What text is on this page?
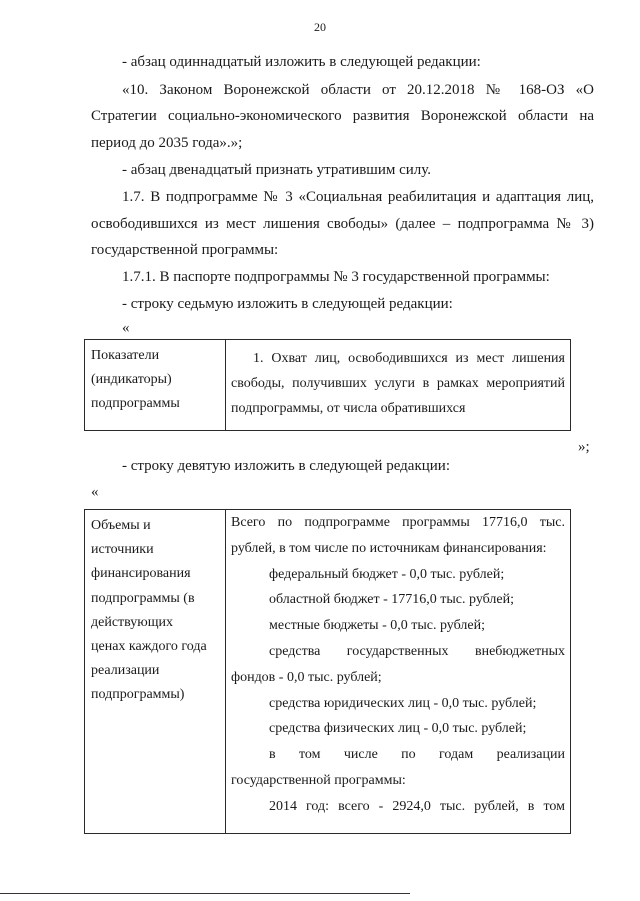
20
- абзац одиннадцатый изложить в следующей редакции:
«10. Законом Воронежской области от 20.12.2018 № 168-ОЗ «О
Стратегии социально-экономического развития Воронежской области на
период до 2035 года».»;
- абзац двенадцатый признать утратившим силу.
1.7. В подпрограмме № 3 «Социальная реабилитация и адаптация лиц,
освободившихся из мест лишения свободы» (далее – подпрограмма № 3)
государственной программы:
1.7.1. В паспорте подпрограммы № 3 государственной программы:
- строку седьмую изложить в следующей редакции:
«
Показатели
(индикаторы)
подпрограммы

1. Охват лиц, освободившихся из мест лишения свободы, получивших услуги в рамках мероприятий подпрограммы, от числа обратившихся
»;
- строку девятую изложить в следующей редакции:
«
Объемы и
источники
финансирования
подпрограммы (в
действующих
ценах каждого года
реализации
подпрограммы)

Всего по подпрограмме программы 17716,0 тыс.
рублей, в том числе по источникам финансирования:
федеральный бюджет - 0,0 тыс. рублей;
областной бюджет - 17716,0 тыс. рублей;
местные бюджеты - 0,0 тыс. рублей;
средства государственных внебюджетных
фондов - 0,0 тыс. рублей;
средства юридических лиц - 0,0 тыс. рублей;
средства физических лиц - 0,0 тыс. рублей;
в том числе по годам реализации
государственной программы:
2014 год: всего - 2924,0 тыс. рублей, в том
